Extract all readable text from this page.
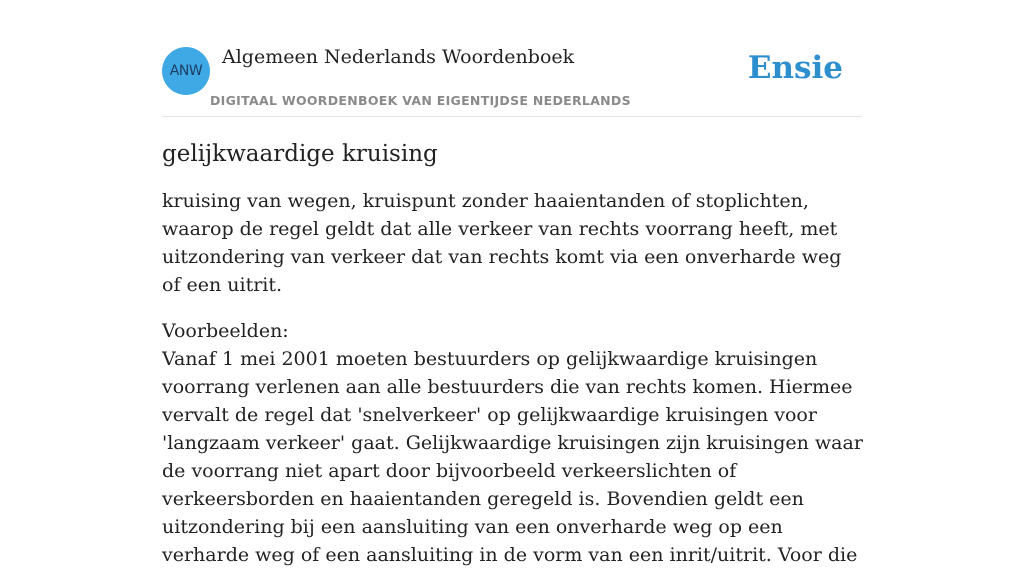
ANW
Algemeen Nederlands Woordenboek
DIGITAAL WOORDENBOEK VAN EIGENTIJDSE NEDERLANDS
Ensie
gelijkwaardige kruising

kruising van wegen, kruispunt zonder haaientanden of stoplichten, waarop de regel geldt dat alle verkeer van rechts voorrang heeft, met uitzondering van verkeer dat van rechts komt via een onverharde weg of een uitrit.

Voorbeelden:

Vanaf 1 mei 2001 moeten bestuurders op gelijkwaardige kruisingen voorrang verlenen aan alle bestuurders die van rechts komen. Hiermee vervalt de regel dat 'snelverkeer' op gelijkwaardige kruisingen voor 'langzaam verkeer' gaat. Gelijkwaardige kruisingen zijn kruisingen waar de voorrang niet apart door bijvoorbeeld verkeerslichten of verkeersborden en haaientanden geregeld is. Bovendien geldt een uitzondering bij een aansluiting van een onverharde weg op een verharde weg of een aansluiting in de vorm van een inrit/uitrit. Voor die
